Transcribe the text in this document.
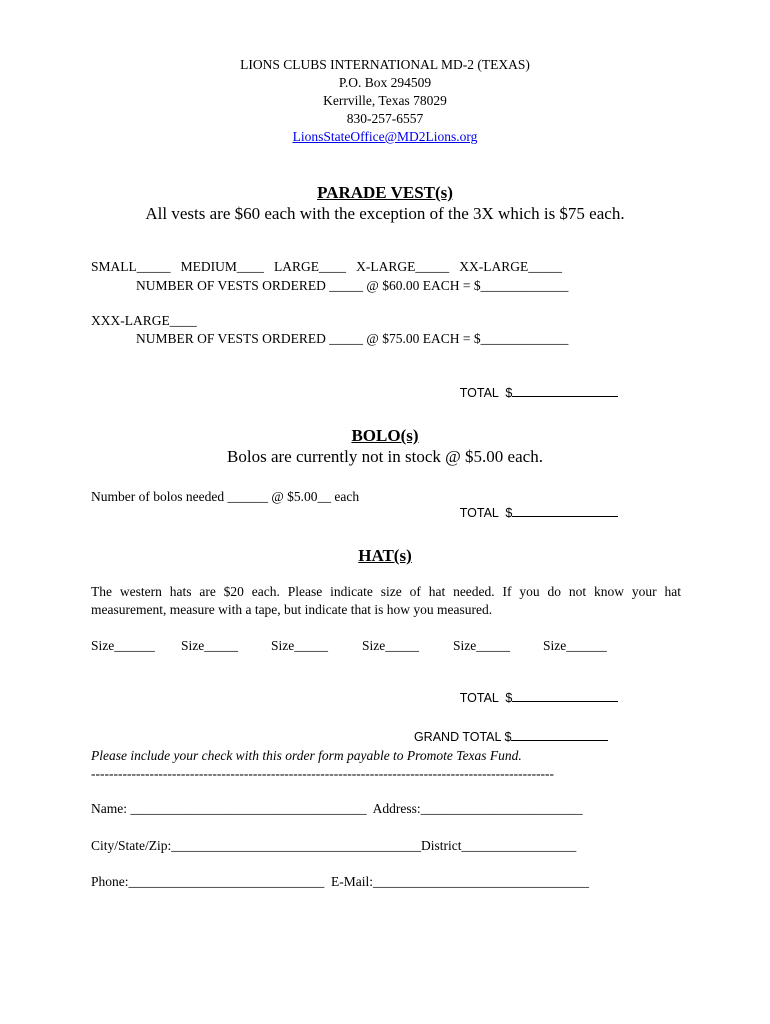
LIONS CLUBS INTERNATIONAL MD-2 (TEXAS)
P.O. Box 294509
Kerrville, Texas 78029
830-257-6557
LionsStateOffice@MD2Lions.org
PARADE VEST(s)
All vests are $60 each with the exception of the 3X which is $75 each.
SMALL_____   MEDIUM____   LARGE____   X-LARGE_____   XX-LARGE_____
NUMBER OF VESTS ORDERED _____ @ $60.00 EACH = $_____________
XXX-LARGE____
NUMBER OF VESTS ORDERED _____ @ $75.00 EACH = $_____________

TOTAL  $

BOLO(s)
Bolos are currently not in stock @ $5.00 each.
Number of bolos needed ______ @ $5.00__ each

TOTAL  $

HAT(s)
The western hats are $20 each. Please indicate size of hat needed. If you do not know your hat
measurement, measure with a tape, but indicate that is how you measured.
Size______ Size_____ Size_____	Size_____	Size_____ Size______

TOTAL  $

GRAND TOTAL $

Please include your check with this order form payable to Promote Texas Fund.
-------------------------------------------------------------------------------------------------------
Name: ___________________________________  Address:________________________
City/State/Zip:_____________________________________District_________________
Phone:_____________________________  E-Mail:________________________________
